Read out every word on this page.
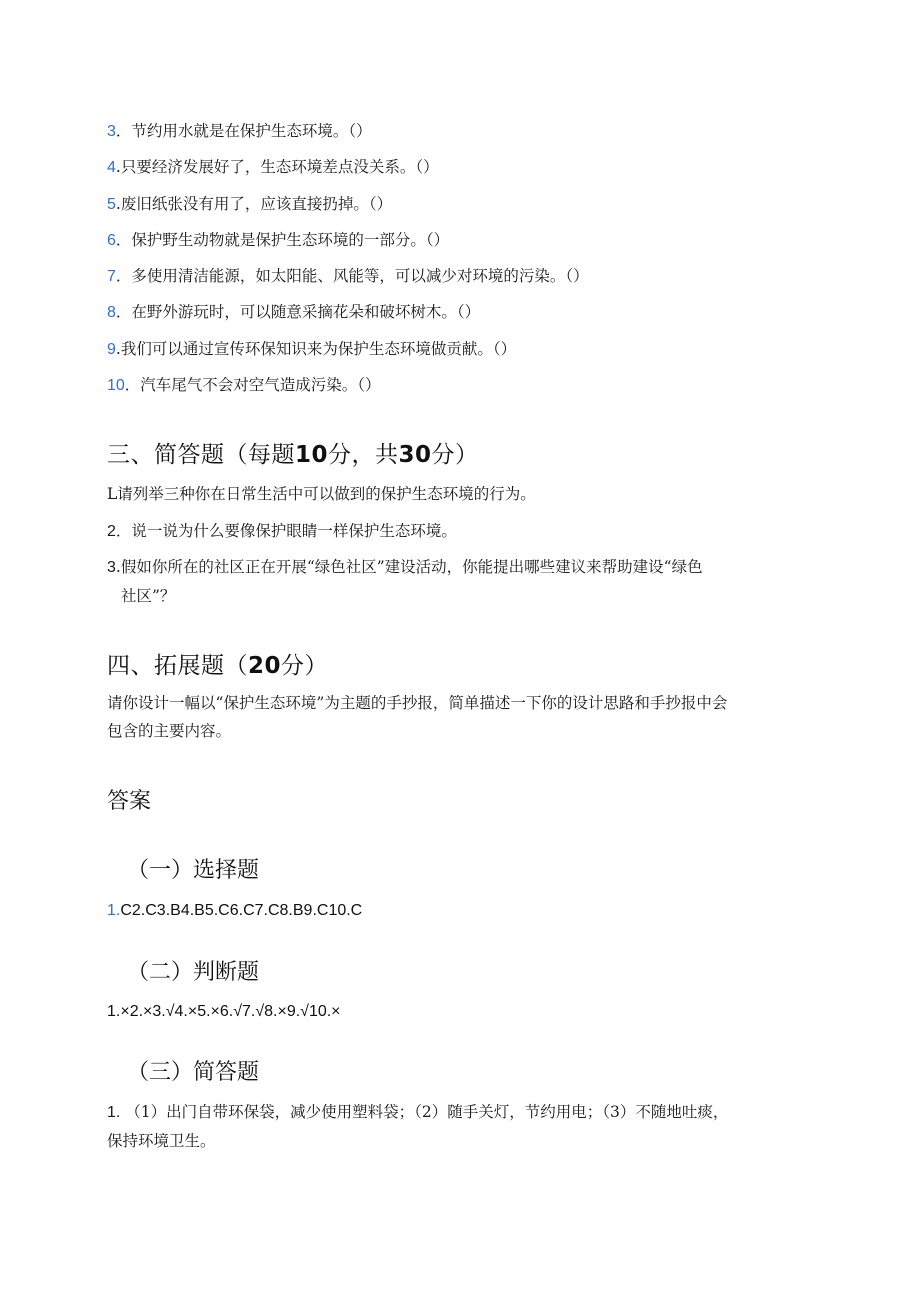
3．节约用水就是在保护生态环境。（）
4.只要经济发展好了，生态环境差点没关系。（）
5.废旧纸张没有用了，应该直接扔掉。（）
6．保护野生动物就是保护生态环境的一部分。（）
7．多使用清洁能源，如太阳能、风能等，可以减少对环境的污染。（）
8．在野外游玩时，可以随意采摘花朵和破坏树木。（）
9.我们可以通过宣传环保知识来为保护生态环境做贡献。（）
10．汽车尾气不会对空气造成污染。（）
三、简答题（每题10分，共30分）
L请列举三种你在日常生活中可以做到的保护生态环境的行为。
2．说一说为什么要像保护眼睛一样保护生态环境。
3.假如你所在的社区正在开展“绿色社区”建设活动，你能提出哪些建议来帮助建设“绿色
社区”？
四、拓展题（20分）
请你设计一幅以“保护生态环境”为主题的手抄报，简单描述一下你的设计思路和手抄报中会
包含的主要内容。
答案
（一）选择题
1.C2.C3.B4.B5.C6.C7.C8.B9.C10.C
（二）判断题
1.×2.×3.√4.×5.×6.√7.√8.×9.√10.×
（三）简答题
1. （1）出门自带环保袋，减少使用塑料袋；（2）随手关灯，节约用电；（3）不随地吐痰，
保持环境卫生。
